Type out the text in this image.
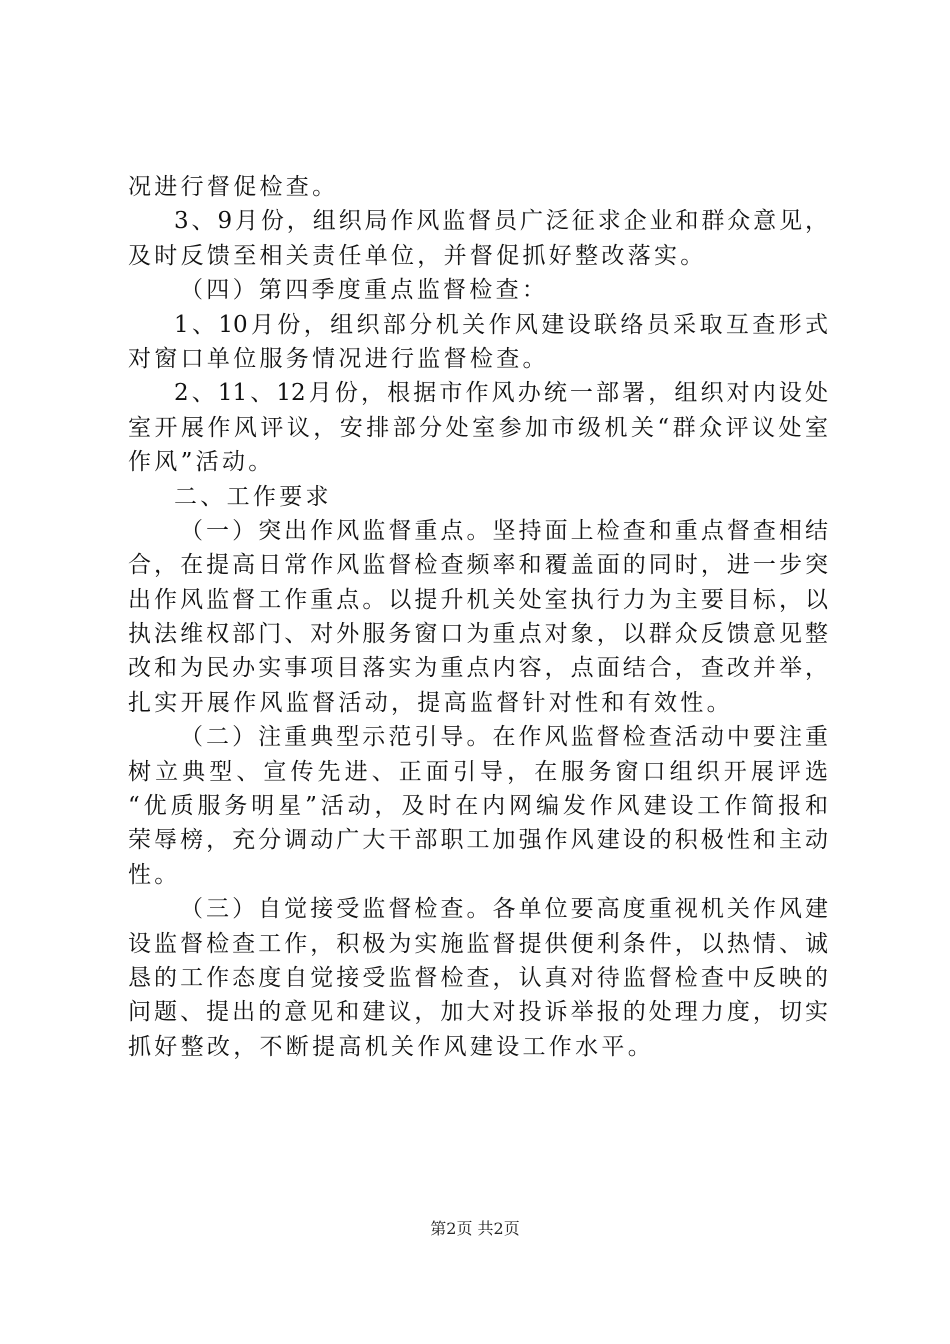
况进行督促检查。
3、9月份，组织局作风监督员广泛征求企业和群众意见，
及时反馈至相关责任单位，并督促抓好整改落实。
（四）第四季度重点监督检查：
1、10月份，组织部分机关作风建设联络员采取互查形式
对窗口单位服务情况进行监督检查。
2、11、12月份，根据市作风办统一部署，组织对内设处
室开展作风评议，安排部分处室参加市级机关“群众评议处室
作风”活动。
二、工作要求
（一）突出作风监督重点。坚持面上检查和重点督查相结
合，在提高日常作风监督检查频率和覆盖面的同时，进一步突
出作风监督工作重点。以提升机关处室执行力为主要目标，以
执法维权部门、对外服务窗口为重点对象，以群众反馈意见整
改和为民办实事项目落实为重点内容，点面结合，查改并举，
扎实开展作风监督活动，提高监督针对性和有效性。
（二）注重典型示范引导。在作风监督检查活动中要注重
树立典型、宣传先进、正面引导，在服务窗口组织开展评选
“优质服务明星”活动，及时在内网编发作风建设工作简报和
荣辱榜，充分调动广大干部职工加强作风建设的积极性和主动
性。
（三）自觉接受监督检查。各单位要高度重视机关作风建
设监督检查工作，积极为实施监督提供便利条件，以热情、诚
恳的工作态度自觉接受监督检查，认真对待监督检查中反映的
问题、提出的意见和建议，加大对投诉举报的处理力度，切实
抓好整改，不断提高机关作风建设工作水平。
第2页 共2页
